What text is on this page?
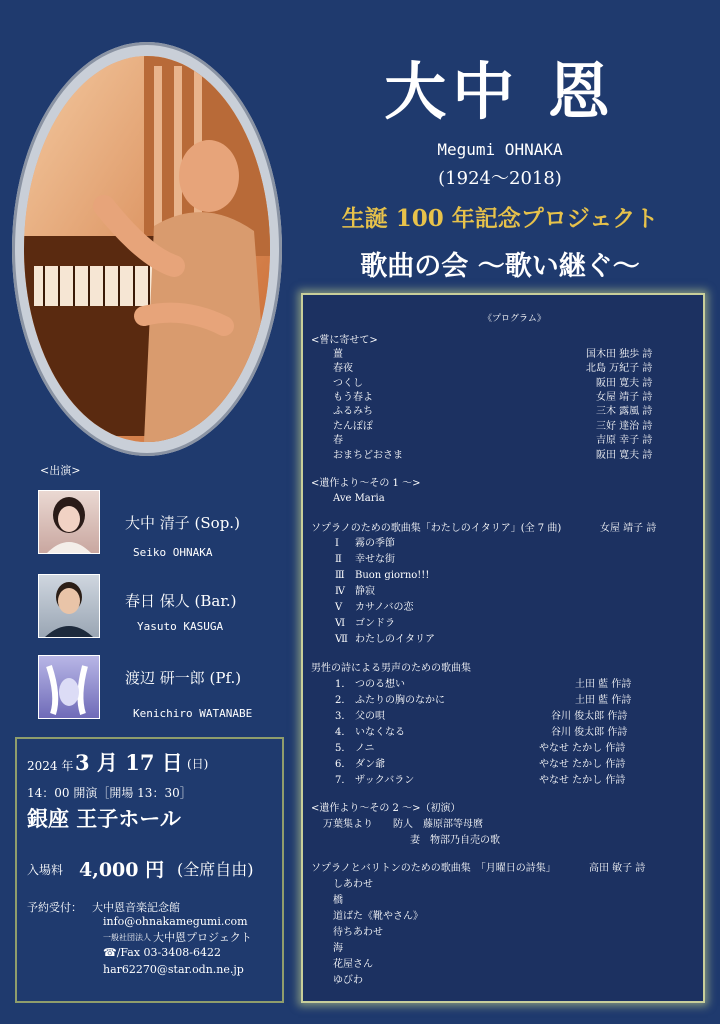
大中 恩
Megumi OHNAKA
(1924～2018)
生誕 100 年記念プロジェクト
歌曲の会 ～歌い継ぐ～
<出演>
大中 清子 (Sop.)
Seiko OHNAKA
春日 保人 (Bar.)
Yasuto KASUGA
渡辺 研一郎 (Pf.)
Kenichiro WATANABE
2024 年 3 月 17 日 (日)
14：00 開演［開場 13：30］
銀座 王子ホール
入場料 4,000 円 (全席自由)
予約受付： 大中恩音楽記念館
info@ohnakamegumi.com
一般社団法人 大中恩プロジェクト
☎/Fax 03-3408-6422
har62270@star.odn.ne.jp
《プログラム》
<嘗に寄せて>
薑	国木田 独歩 詩
春夜	北島 万紀子 詩
つくし	阪田 寛夫 詩
もう春よ	女屋 靖子 詩
ふるみち	三木 露風 詩
たんぽぽ	三好 達治 詩
春	吉原 幸子 詩
おまちどおさま	阪田 寛夫 詩
<遺作より～その 1 ～>
Ave Maria
ソプラノのための歌曲集「わたしのイタリア」(全 7 曲)	女屋 靖子 詩
Ⅰ 霧の季節
Ⅱ 幸せな街
Ⅲ Buon giorno!!!
Ⅳ 静寂
Ⅴ カサノバの恋
Ⅵ ゴンドラ
Ⅶ わたしのイタリア
男性の詩による男声のための歌曲集
1． つのる想い	土田 藍 作詩
2． ふたりの胸のなかに	土田 藍 作詩
3． 父の唄	谷川 俊太郎 作詩
4． いなくなる	谷川 俊太郎 作詩
5． ノニ	やなせ たかし 作詩
6． ダン爺	やなせ たかし 作詩
7． ザックバラン	やなせ たかし 作詩
<遺作より～その 2 ～>（初演）
万葉集より　　防人　藤原部等母麿
妻　物部乃自売の歌
ソプラノとバリトンのための歌曲集　「月曜日の詩集」	高田 敏子 詩
しあわせ
橋
道ばた《靴やさん》
待ちあわせ
海
花屋さん
ゆびわ
